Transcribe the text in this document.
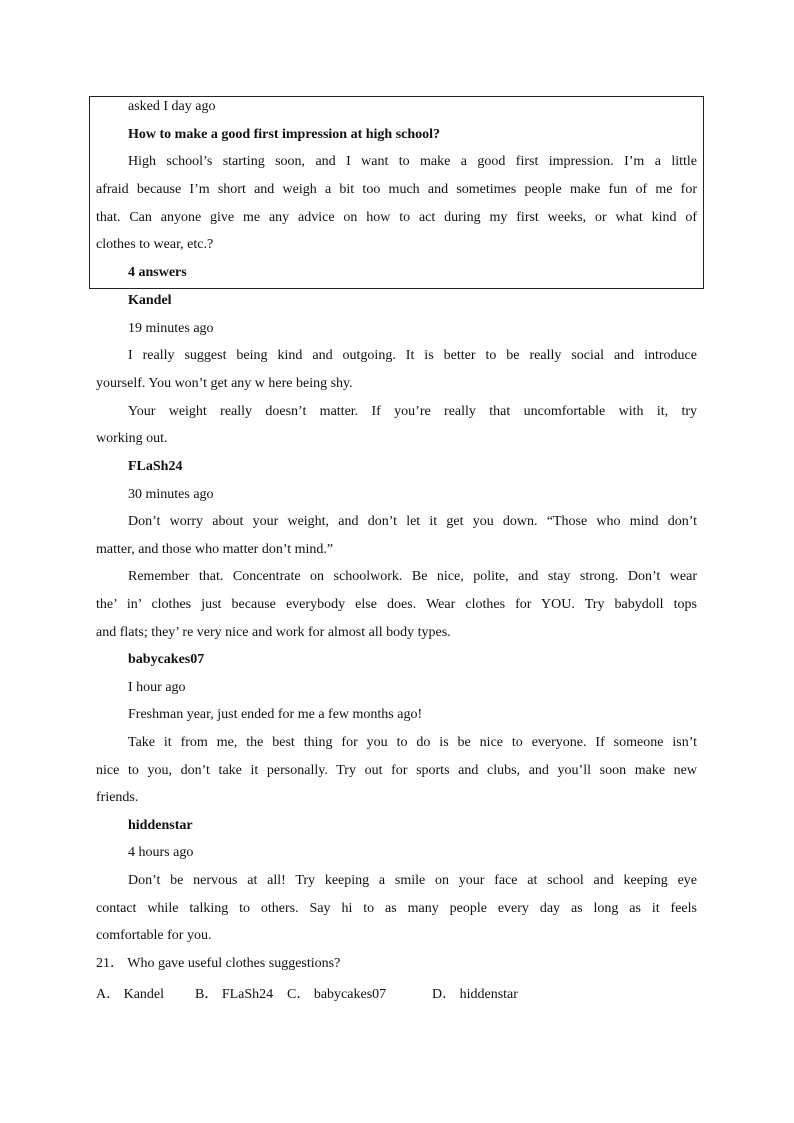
asked I day ago
How to make a good first impression at high school?
High school’s starting soon, and I want to make a good first impression. I’m a little
afraid because I’m short and weigh a bit too much and sometimes people make fun of me for
that. Can anyone give me any advice on how to act during my first weeks, or what kind of
clothes to wear, etc.?
4 answers
Kandel
19 minutes ago
I really suggest being kind and outgoing. It is better to be really social and introduce
yourself. You won’t get any w here being shy.
Your weight really doesn’t matter. If you’re really that uncomfortable with it, try
working out.
FLaSh24
30 minutes ago
Don’t worry about your weight, and don’t let it get you down. “Those who mind don’t
matter, and those who matter don’t mind.”
Remember that. Concentrate on schoolwork. Be nice, polite, and stay strong. Don’t wear
the’ in’ clothes just because everybody else does. Wear clothes for YOU. Try babydoll tops
and flats; they’ re very nice and work for almost all body types.
babycakes07
I hour ago
Freshman year, just ended for me a few months ago!
Take it from me, the best thing for you to do is be nice to everyone. If someone isn’t
nice to you, don’t take it personally. Try out for sports and clubs, and you’ll soon make new
friends.
hiddenstar
4 hours ago
Don’t be nervous at all! Try keeping a smile on your face at school and keeping eye
contact while talking to others. Say hi to as many people every day as long as it feels
comfortable for you.
21． Who gave useful clothes suggestions?
A． Kandel B． FLaSh24 C． babycakes07	D． hiddenstar
